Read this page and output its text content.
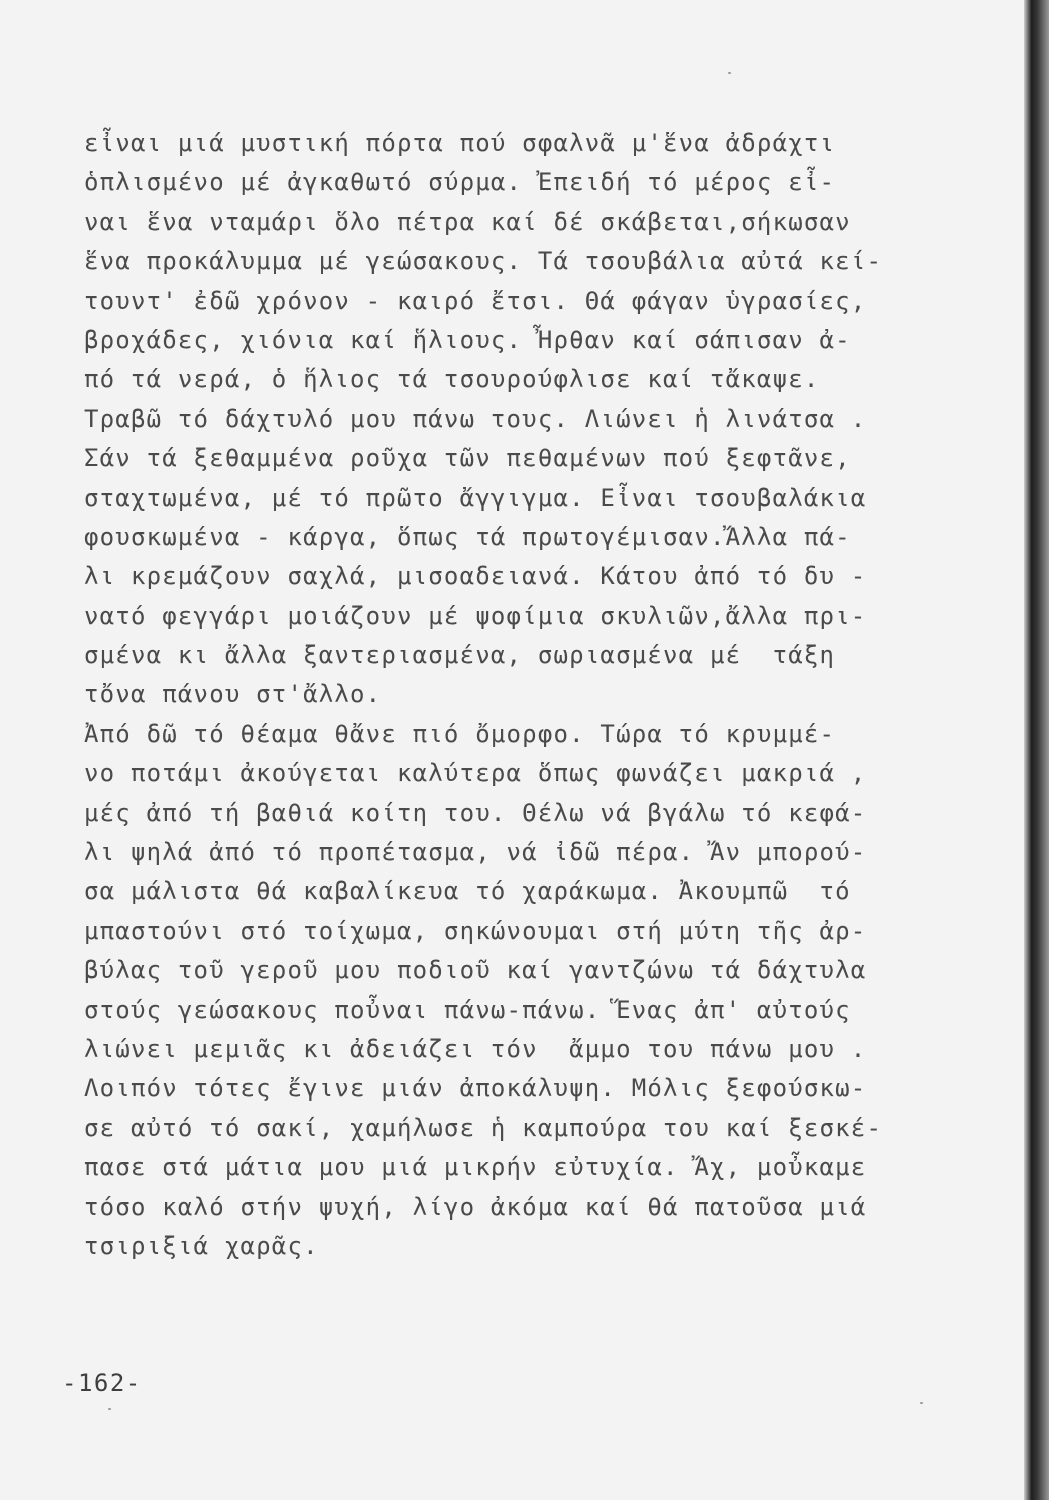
εἶναι μιά μυστική πόρτα πού σφαλνᾶ μ'ἕνα ἀδράχτι
ὁπλισμένο μέ ἀγκαθωτό σύρμα. Ἐπειδή τό μέρος εἶ-
ναι ἕνα νταμάρι ὅλο πέτρα καί δέ σκάβεται,σήκωσαν
ἕνα προκάλυμμα μέ γεώσακους. Τά τσουβάλια αὐτά κεί-
τουντ' ἐδῶ χρόνον - καιρό ἔτσι. Θά φάγαν ὑγρασίες,
βροχάδες, χιόνια καί ἥλιους. Ἦρθαν καί σάπισαν ἀ-
πό τά νερά, ὁ ἥλιος τά τσουρούφλισε καί τἄκαψε.
Τραβῶ τό δάχτυλό μου πάνω τους. Λιώνει ἡ λινάτσα .
Σάν τά ξεθαμμένα ροῦχα τῶν πεθαμένων πού ξεφτᾶνε,
σταχτωμένα, μέ τό πρῶτο ἄγγιγμα. Εἶναι τσουβαλάκια
φουσκωμένα - κάργα, ὅπως τά πρωτογέμισαν.Ἄλλα πά-
λι κρεμάζουν σαχλά, μισοαδειανά. Κάτου ἀπό τό δυ -
νατό φεγγάρι μοιάζουν μέ ψοφίμια σκυλιῶν,ἄλλα πρι-
σμένα κι ἄλλα ξαντεριασμένα, σωριασμένα μέ  τάξη
τὄνα πάνου στ'ἄλλο.
Ἀπό δῶ τό θέαμα θἄνε πιό ὄμορφο. Τώρα τό κρυμμέ-
νο ποτάμι ἀκούγεται καλύτερα ὅπως φωνάζει μακριά ,
μές ἀπό τή βαθιά κοίτη του. Θέλω νά βγάλω τό κεφά-
λι ψηλά ἀπό τό προπέτασμα, νά ἰδῶ πέρα. Ἄν μπορού-
σα μάλιστα θά καβαλίκευα τό χαράκωμα. Ἀκουμπῶ  τό
μπαστούνι στό τοίχωμα, σηκώνουμαι στή μύτη τῆς ἀρ-
βύλας τοῦ γεροῦ μου ποδιοῦ καί γαντζώνω τά δάχτυλα
στούς γεώσακους ποὖναι πάνω-πάνω. Ἕνας ἀπ' αὐτούς
λιώνει μεμιᾶς κι ἀδειάζει τόν  ἄμμο του πάνω μου .
Λοιπόν τότες ἔγινε μιάν ἀποκάλυψη. Μόλις ξεφούσκω-
σε αὐτό τό σακί, χαμήλωσε ἡ καμπούρα του καί ξεσκέ-
πασε στά μάτια μου μιά μικρήν εὐτυχία. Ἄχ, μοὖκαμε
τόσο καλό στήν ψυχή, λίγο ἀκόμα καί θά πατοῦσα μιά
τσιριξιά χαρᾶς.
-162-
